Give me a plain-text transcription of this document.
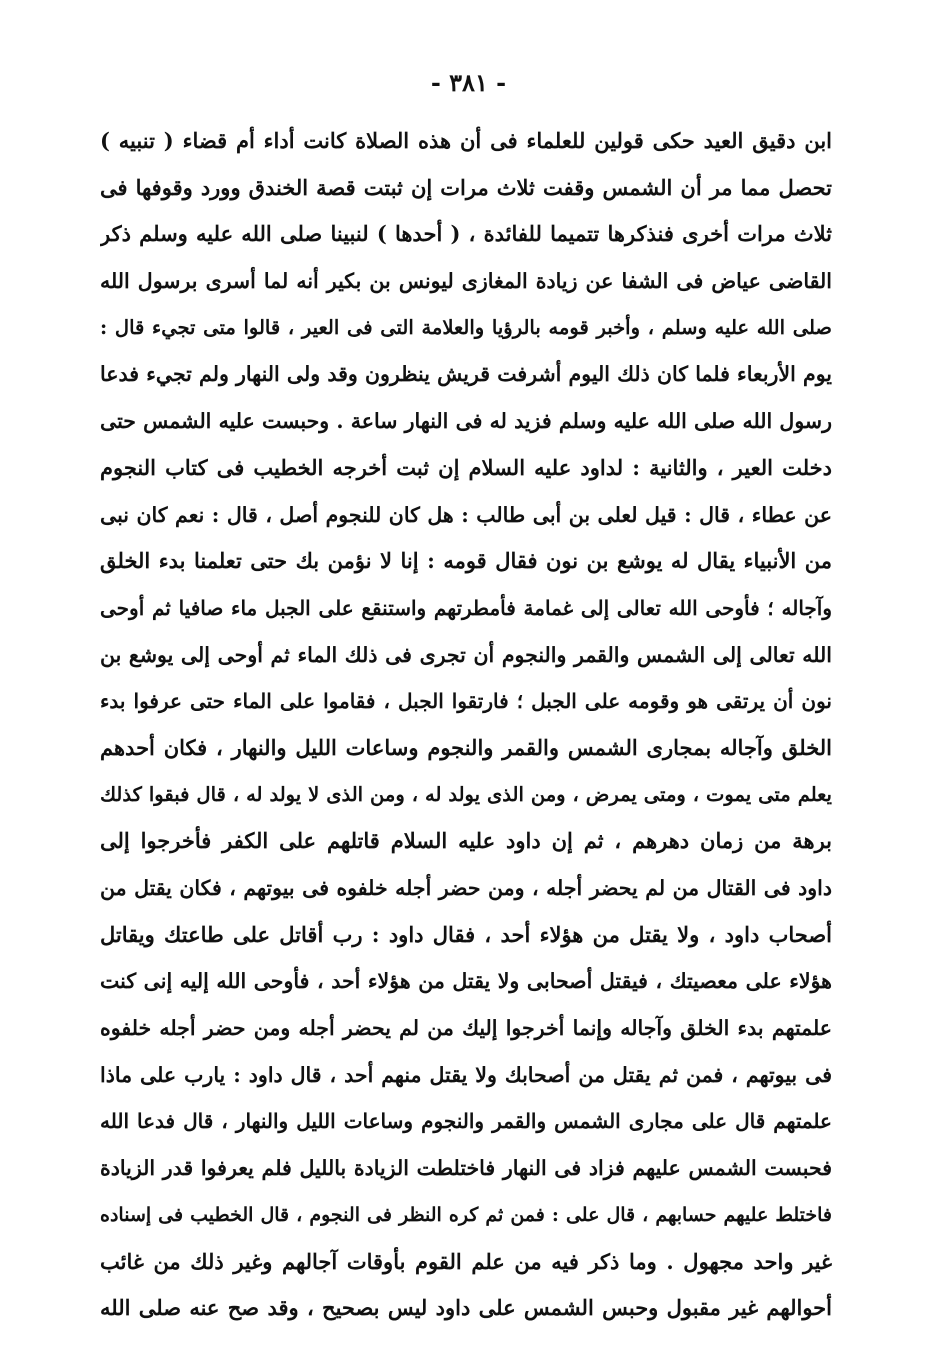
- ٣٨١ -
ابن دقيق العيد حكى قولين للعلماء فى أن هذه الصلاة كانت أداء أم قضاء ( تنبيه )
تحصل مما مر أن الشمس وقفت ثلاث مرات إن ثبتت قصة الخندق وورد وقوفها فى
ثلاث مرات أخرى فنذكرها تتميما للفائدة ، ( أحدها ) لنبينا صلى الله عليه وسلم ذكر
القاضى عياض فى الشفا عن زيادة المغازى ليونس بن بكير أنه لما أسرى برسول الله
صلى الله عليه وسلم ، وأخبر قومه بالرؤيا والعلامة التى فى العير ، قالوا متى تجيء قال :
يوم الأربعاء فلما كان ذلك اليوم أشرفت قريش ينظرون وقد ولى النهار ولم تجيء فدعا
رسول الله صلى الله عليه وسلم فزيد له فى النهار ساعة . وحبست عليه الشمس حتى
دخلت العير ، والثانية : لداود عليه السلام إن ثبت أخرجه الخطيب فى كتاب النجوم
عن عطاء ، قال : قيل لعلى بن أبى طالب : هل كان للنجوم أصل ، قال : نعم كان نبى
من الأنبياء يقال له يوشع بن نون فقال قومه : إنا لا نؤمن بك حتى تعلمنا بدء الخلق
وآجاله ؛ فأوحى الله تعالى إلى غمامة فأمطرتهم واستنقع على الجبل ماء صافيا ثم أوحى
الله تعالى إلى الشمس والقمر والنجوم أن تجرى فى ذلك الماء ثم أوحى إلى يوشع بن
نون أن يرتقى هو وقومه على الجبل ؛ فارتقوا الجبل ، فقاموا على الماء حتى عرفوا بدء
الخلق وآجاله بمجارى الشمس والقمر والنجوم وساعات الليل والنهار ، فكان أحدهم
يعلم متى يموت ، ومتى يمرض ، ومن الذى يولد له ، ومن الذى لا يولد له ، قال فبقوا كذلك
برهة من زمان دهرهم ، ثم إن داود عليه السلام قاتلهم على الكفر فأخرجوا إلى
داود فى القتال من لم يحضر أجله ، ومن حضر أجله خلفوه فى بيوتهم ، فكان يقتل من
أصحاب داود ، ولا يقتل من هؤلاء أحد ، فقال داود : رب أقاتل على طاعتك ويقاتل
هؤلاء على معصيتك ، فيقتل أصحابى ولا يقتل من هؤلاء أحد ، فأوحى الله إليه إنى كنت
علمتهم بدء الخلق وآجاله وإنما أخرجوا إليك من لم يحضر أجله ومن حضر أجله خلفوه
فى بيوتهم ، فمن ثم يقتل من أصحابك ولا يقتل منهم أحد ، قال داود : يارب على ماذا
علمتهم قال على مجارى الشمس والقمر والنجوم وساعات الليل والنهار ، قال فدعا الله
فحبست الشمس عليهم فزاد فى النهار فاختلطت الزيادة بالليل فلم يعرفوا قدر الزيادة
فاختلط عليهم حسابهم ، قال على : فمن ثم كره النظر فى النجوم ، قال الخطيب فى إسناده
غير واحد مجهول . وما ذكر فيه من علم القوم بأوقات آجالهم وغير ذلك من غائب
أحوالهم غير مقبول وحبس الشمس على داود ليس بصحيح ، وقد صح عنه صلى الله
